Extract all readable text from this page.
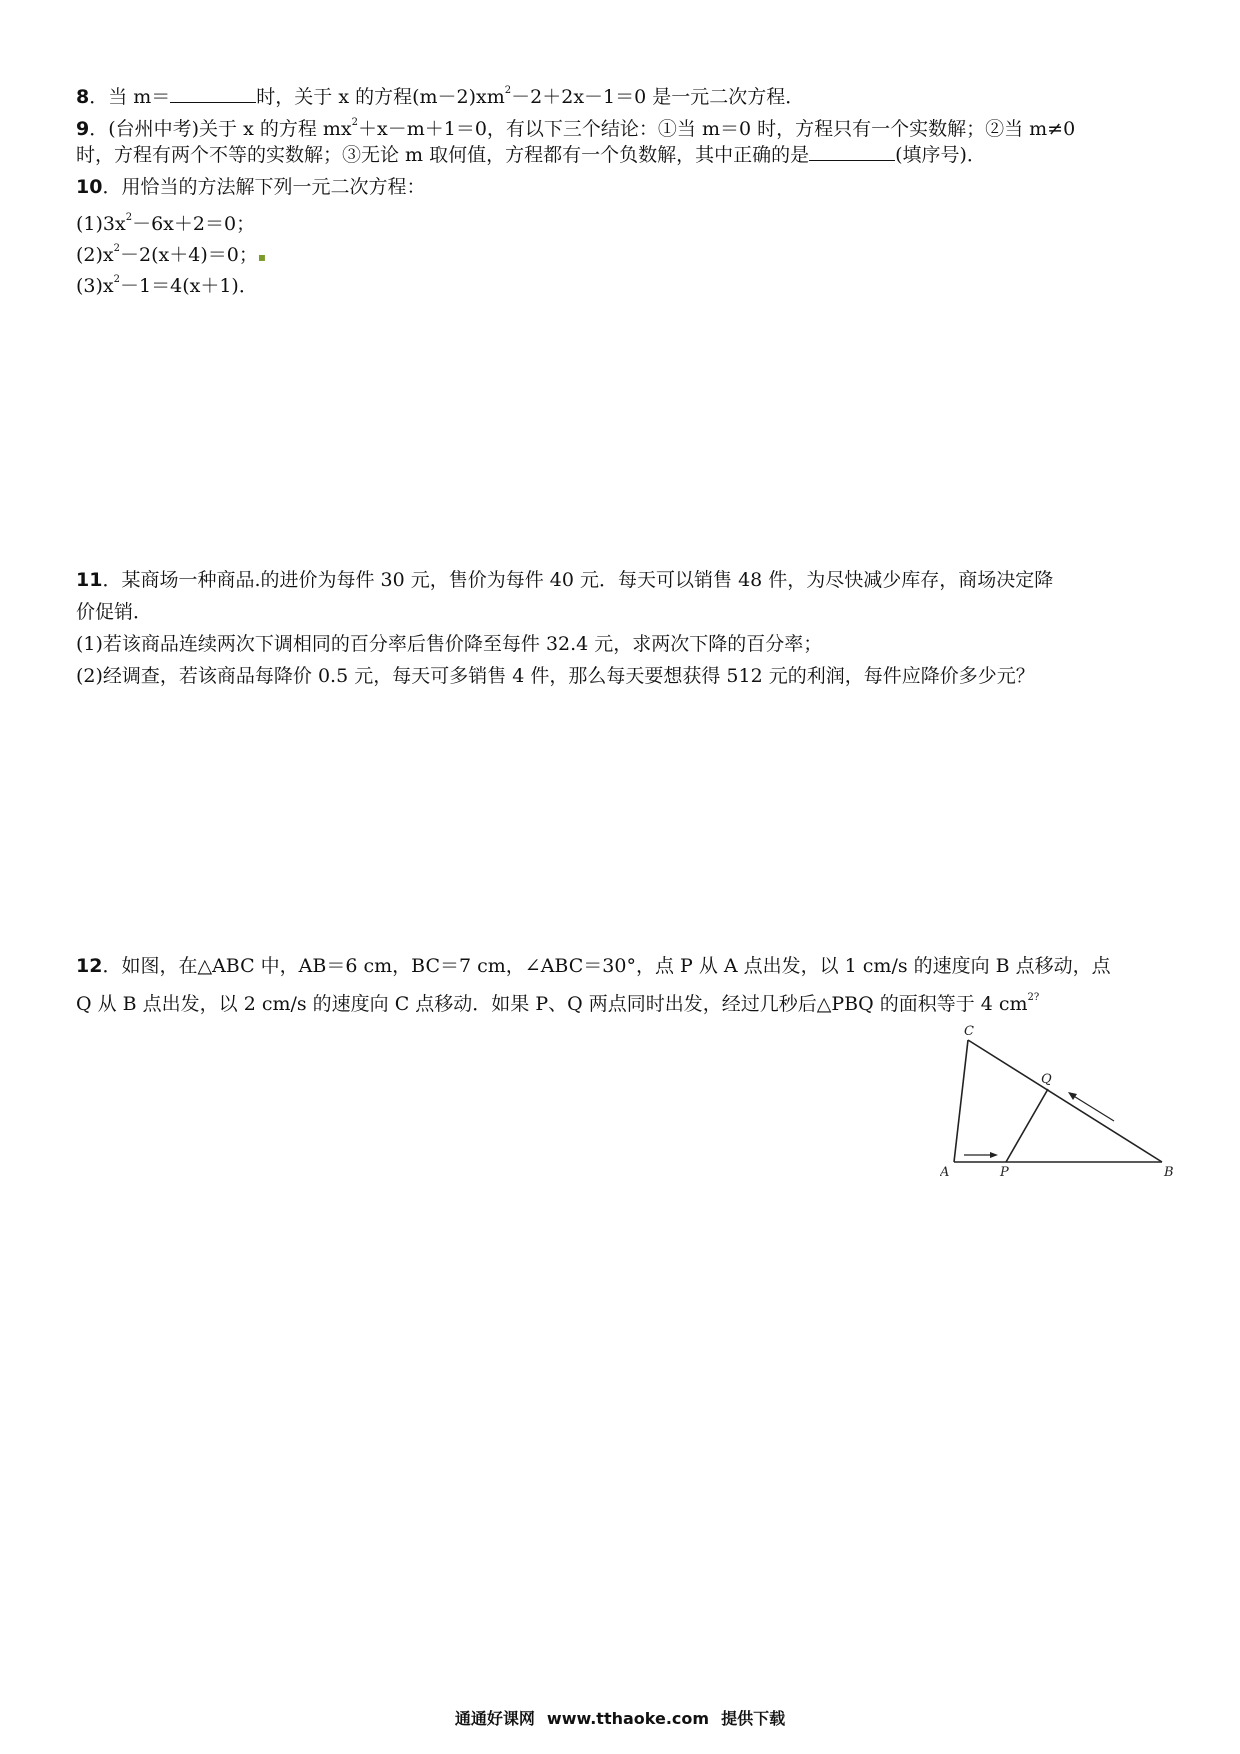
8．当 m＝	时，关于 x 的方程$(m-2)xm^2-2+2x-1=0$ 是一元二次方程．
9．(台州中考)关于 x 的方程 $mx^2+x-m+1=0$，有以下三个结论：①当 m＝0 时，方程只有一个实数解；②当 m≠0
时，方程有两个不等的实数解；③无论 m 取何值，方程都有一个负数解，其中正确的是	(填序号)．
10．用恰当的方法解下列一元二次方程：
$(1)3x^2-6x+2=0$；
$(2)x^2-2(x+4)=0$；▪
$(3)x^2-1=4(x+1)$．
11．某商场一种商品.的进价为每件 30 元，售价为每件 40 元．每天可以销售 48 件，为尽快减少库存，商场决定降
价促销．
(1)若该商品连续两次下调相同的百分率后售价降至每件 32.4 元，求两次下降的百分率；
(2)经调查，若该商品每降价 0.5 元，每天可多销售 4 件，那么每天要想获得 512 元的利润，每件应降价多少元？
12．如图，在△ABC 中，AB＝6 cm，BC＝7 cm，∠ABC＝30°，点 P 从 A 点出发，以 1 cm/s 的速度向 B 点移动，点
Q 从 B 点出发，以 2 cm/s 的速度向 C 点移动．如果 P、Q 两点同时出发，经过几秒后△PBQ 的面积等于 4 $cm^{2?}$
A	P	B
C
Q
通通好课网 www.tthaoke.com 提供下载
